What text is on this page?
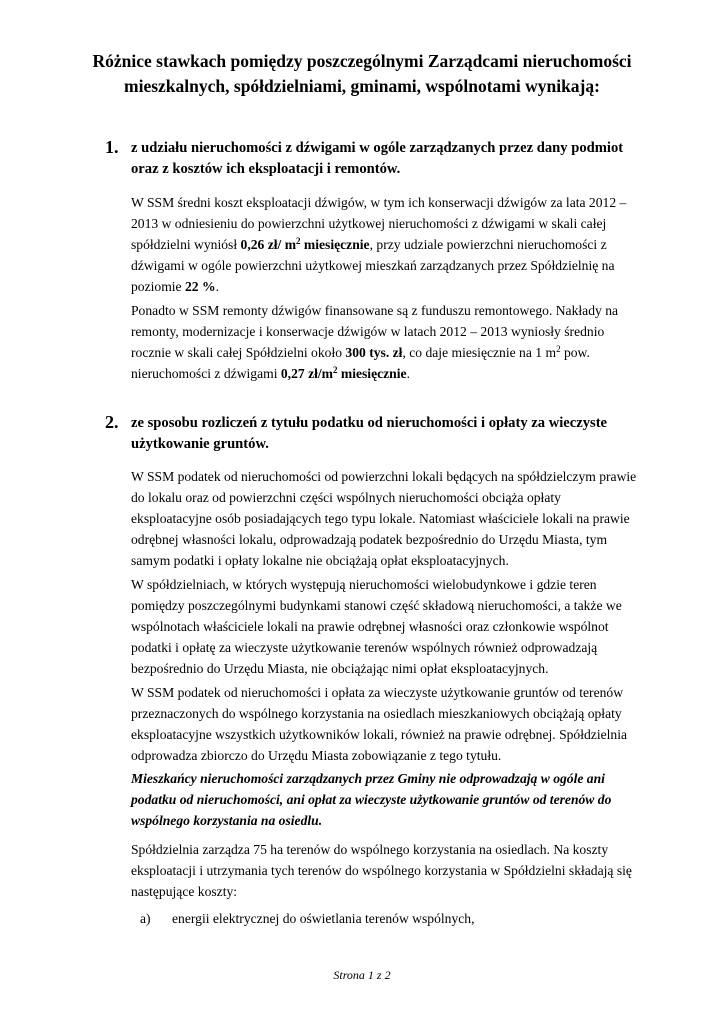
Różnice stawkach pomiędzy poszczególnymi Zarządcami nieruchomości
mieszkalnych, spółdzielniami, gminami, wspólnotami wynikają:
1. z udziału nieruchomości z dźwigami w ogóle zarządzanych przez dany podmiot
oraz z kosztów ich eksploatacji i remontów.
W SSM średni koszt eksploatacji dźwigów, w tym ich konserwacji dźwigów za lata 2012 –
2013 w odniesieniu do powierzchni użytkowej nieruchomości z dźwigami w skali całej
spółdzielni wyniósł 0,26 zł/ $m^2$ miesięcznie, przy udziale powierzchni nieruchomości z
dźwigami w ogóle powierzchni użytkowej mieszkań zarządzanych przez Spółdzielnię na
poziomie 22 %.
Ponadto w SSM remonty dźwigów finansowane są z funduszu remontowego. Nakłady na
remonty, modernizacje i konserwacje dźwigów w latach 2012 – 2013 wyniosły średnio
rocznie w skali całej Spółdzielni około 300 tys. zł, co daje miesięcznie na 1 $m^2$ pow.
nieruchomości z dźwigami 0,27 $zł/m^2$ miesięcznie.
2. ze sposobu rozliczeń z tytułu podatku od nieruchomości i opłaty za wieczyste
użytkowanie gruntów.
W SSM podatek od nieruchomości od powierzchni lokali będących na spółdzielczym prawie
do lokalu oraz od powierzchni części wspólnych nieruchomości obciąża opłaty
eksploatacyjne osób posiadających tego typu lokale. Natomiast właściciele lokali na prawie
odrębnej własności lokalu, odprowadzają podatek bezpośrednio do Urzędu Miasta, tym
samym podatki i opłaty lokalne nie obciążają opłat eksploatacyjnych.
W spółdzielniach, w których występują nieruchomości wielobudynkowe i gdzie teren
pomiędzy poszczególnymi budynkami stanowi część składową nieruchomości, a także we
wspólnotach właściciele lokali na prawie odrębnej własności oraz członkowie wspólnot
podatki i opłatę za wieczyste użytkowanie terenów wspólnych również odprowadzają
bezpośrednio do Urzędu Miasta, nie obciążając nimi opłat eksploatacyjnych.
W SSM podatek od nieruchomości i opłata za wieczyste użytkowanie gruntów od terenów
przeznaczonych do wspólnego korzystania na osiedlach mieszkaniowych obciążają opłaty
eksploatacyjne wszystkich użytkowników lokali, również na prawie odrębnej. Spółdzielnia
odprowadza zbiorczo do Urzędu Miasta zobowiązanie z tego tytułu.
Mieszkańcy nieruchomości zarządzanych przez Gminy nie odprowadzają w ogóle ani
podatku od nieruchomości, ani opłat za wieczyste użytkowanie gruntów od terenów do
wspólnego korzystania na osiedlu.
Spółdzielnia zarządza 75 ha terenów do wspólnego korzystania na osiedlach. Na koszty
eksploatacji i utrzymania tych terenów do wspólnego korzystania w Spółdzielni składają się
następujące koszty:
a) energii elektrycznej do oświetlania terenów wspólnych,
Strona 1 z 2
